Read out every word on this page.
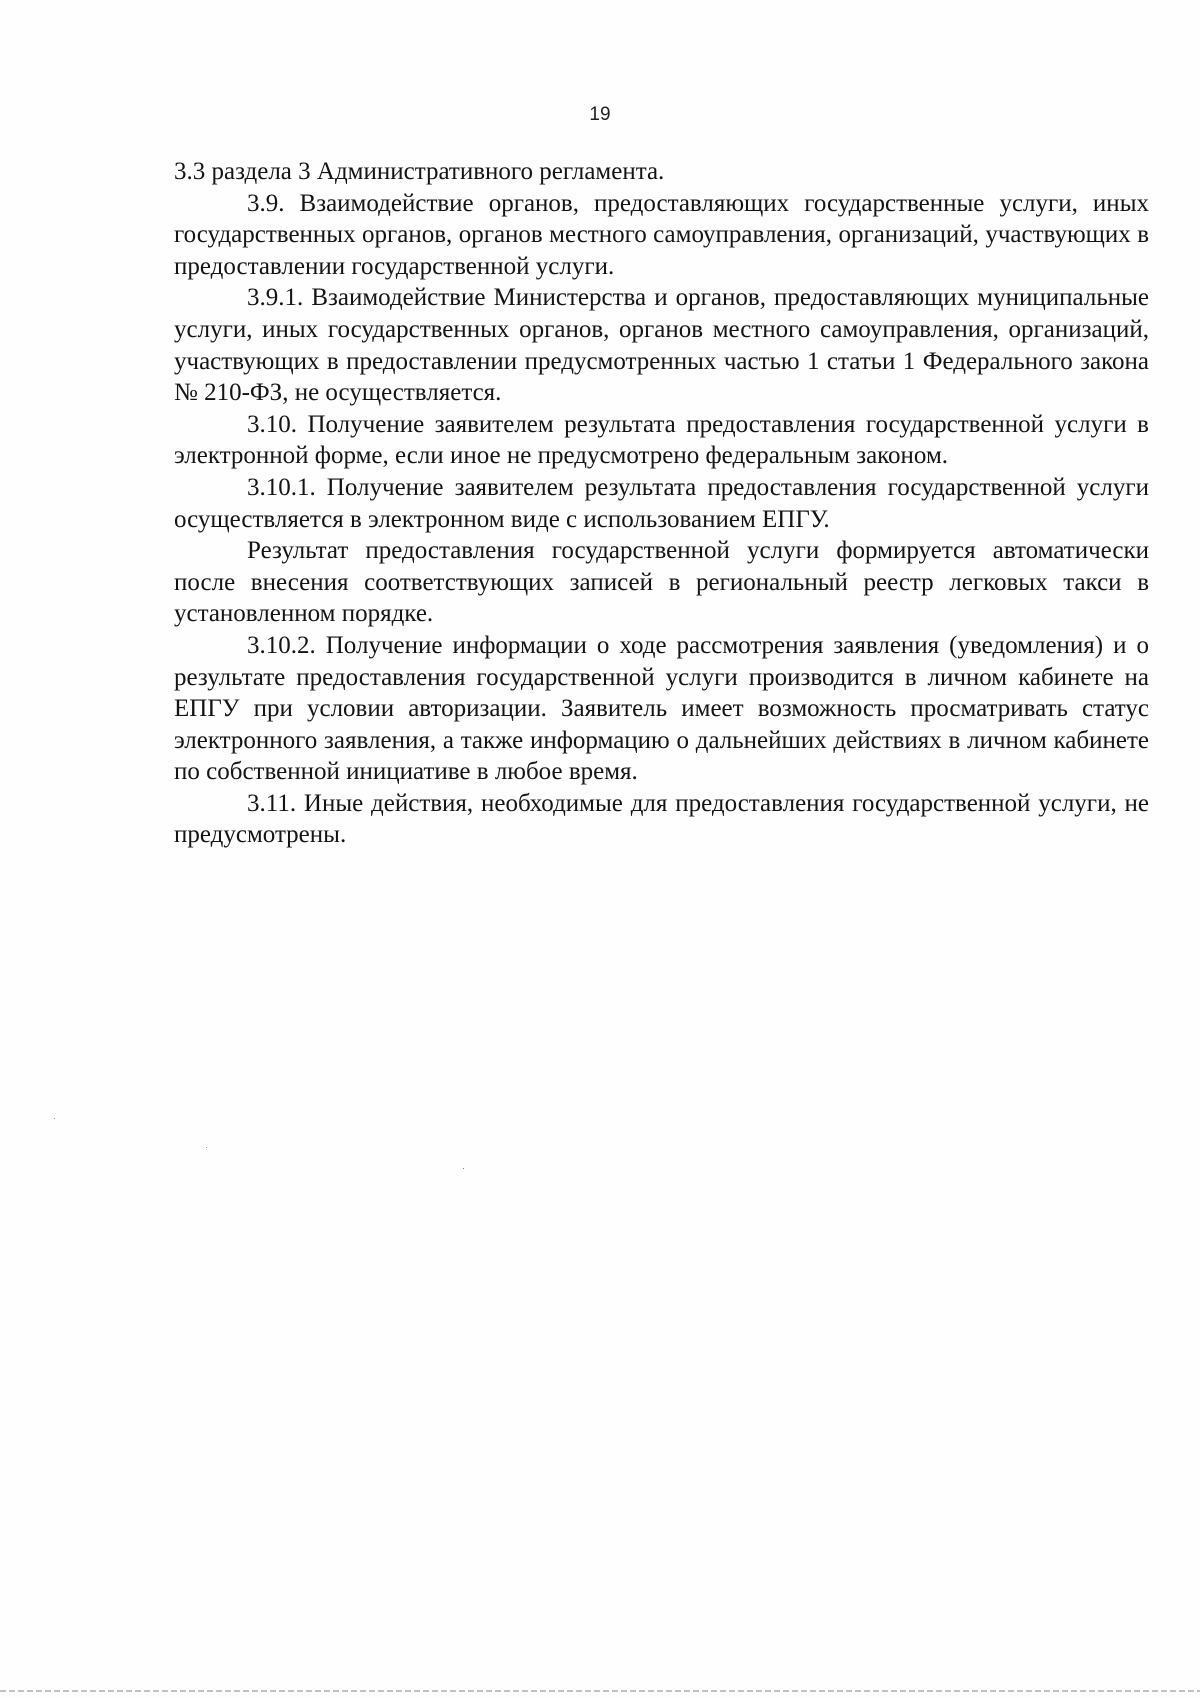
19

3.3 раздела 3 Административного регламента.

3.9. Взаимодействие органов, предоставляющих государственные услуги, иных государственных органов, органов местного самоуправления, организаций, участвующих в предоставлении государственной услуги.

3.9.1. Взаимодействие Министерства и органов, предоставляющих муниципальные услуги, иных государственных органов, органов местного самоуправления, организаций, участвующих в предоставлении предусмотренных частью 1 статьи 1 Федерального закона № 210-ФЗ, не осуществляется.

3.10. Получение заявителем результата предоставления государственной услуги в электронной форме, если иное не предусмотрено федеральным законом.

3.10.1. Получение заявителем результата предоставления государственной услуги осуществляется в электронном виде с использованием ЕПГУ.

Результат предоставления государственной услуги формируется автоматически после внесения соответствующих записей в региональный реестр легковых такси в установленном порядке.

3.10.2. Получение информации о ходе рассмотрения заявления (уведомления) и о результате предоставления государственной услуги производится в личном кабинете на ЕПГУ при условии авторизации. Заявитель имеет возможность просматривать статус электронного заявления, а также информацию о дальнейших действиях в личном кабинете по собственной инициативе в любое время.

3.11. Иные действия, необходимые для предоставления государственной услуги, не предусмотрены.
